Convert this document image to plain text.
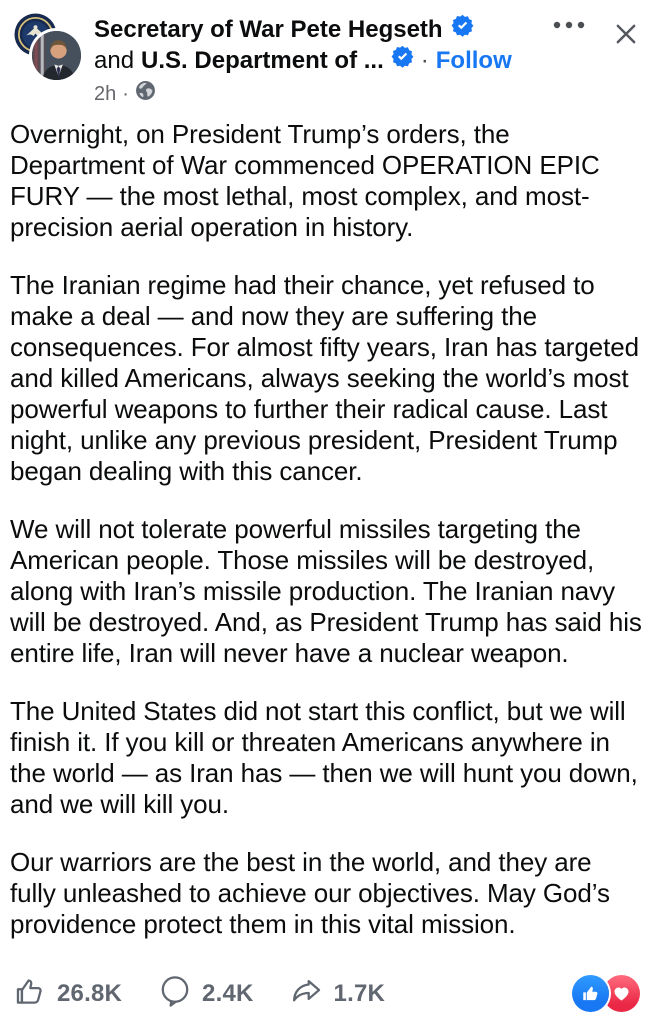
Secretary of War Pete Hegseth
and U.S. Department of ... · Follow
2h ·

Overnight, on President Trump’s orders, the Department of War commenced OPERATION EPIC FURY — the most lethal, most complex, and most-precision aerial operation in history.

The Iranian regime had their chance, yet refused to make a deal — and now they are suffering the consequences. For almost fifty years, Iran has targeted and killed Americans, always seeking the world’s most powerful weapons to further their radical cause. Last night, unlike any previous president, President Trump began dealing with this cancer.

We will not tolerate powerful missiles targeting the American people. Those missiles will be destroyed, along with Iran’s missile production. The Iranian navy will be destroyed. And, as President Trump has said his entire life, Iran will never have a nuclear weapon.

The United States did not start this conflict, but we will finish it. If you kill or threaten Americans anywhere in the world — as Iran has — then we will hunt you down, and we will kill you.

Our warriors are the best in the world, and they are fully unleashed to achieve our objectives. May God’s providence protect them in this vital mission.

26.8K	2.4K	1.7K
